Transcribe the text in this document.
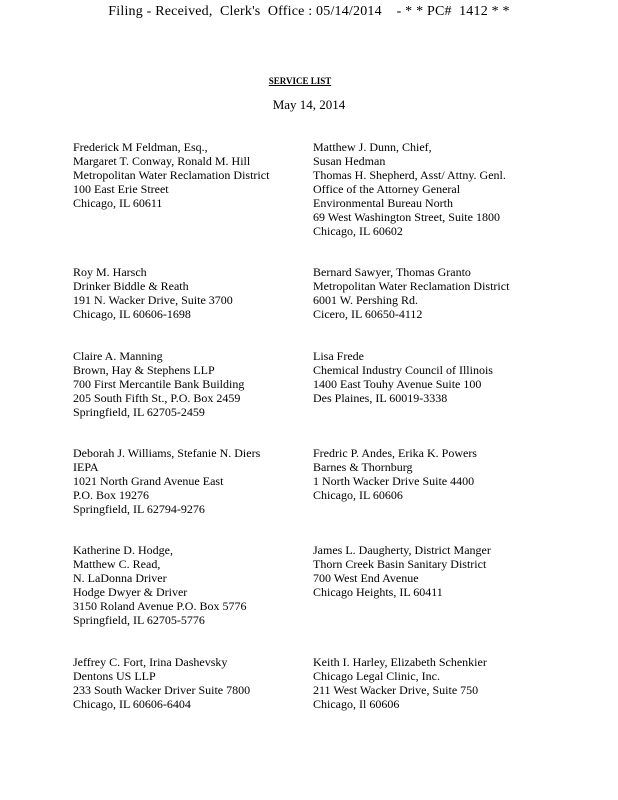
Filing - Received,  Clerk's  Office : 05/14/2014    - * * PC#  1412 * *
SERVICE LIST
May 14, 2014
Frederick M Feldman, Esq.,
Margaret T. Conway, Ronald M. Hill
Metropolitan Water Reclamation District
100 East Erie Street
Chicago, IL 60611
Matthew J. Dunn, Chief,
Susan Hedman
Thomas H. Shepherd, Asst/ Attny. Genl.
Office of the Attorney General
Environmental Bureau North
69 West Washington Street, Suite 1800
Chicago, IL 60602
Roy M. Harsch
Drinker Biddle & Reath
191 N. Wacker Drive, Suite 3700
Chicago, IL 60606-1698
Bernard Sawyer, Thomas Granto
Metropolitan Water Reclamation District
6001 W. Pershing Rd.
Cicero, IL 60650-4112
Claire A. Manning
Brown, Hay & Stephens LLP
700 First Mercantile Bank Building
205 South Fifth St., P.O. Box 2459
Springfield, IL 62705-2459
Lisa Frede
Chemical Industry Council of Illinois
1400 East Touhy Avenue Suite 100
Des Plaines, IL 60019-3338
Deborah J. Williams, Stefanie N. Diers
IEPA
1021 North Grand Avenue East
P.O. Box 19276
Springfield, IL 62794-9276
Fredric P. Andes, Erika K. Powers
Barnes & Thornburg
1 North Wacker Drive Suite 4400
Chicago, IL 60606
Katherine D. Hodge,
Matthew C. Read,
N. LaDonna Driver
Hodge Dwyer & Driver
3150 Roland Avenue P.O. Box 5776
Springfield, IL 62705-5776
James L. Daugherty, District Manger
Thorn Creek Basin Sanitary District
700 West End Avenue
Chicago Heights, IL 60411
Jeffrey C. Fort, Irina Dashevsky
Dentons US LLP
233 South Wacker Driver Suite 7800
Chicago, IL 60606-6404
Keith I. Harley, Elizabeth Schenkier
Chicago Legal Clinic, Inc.
211 West Wacker Drive, Suite 750
Chicago, Il 60606
